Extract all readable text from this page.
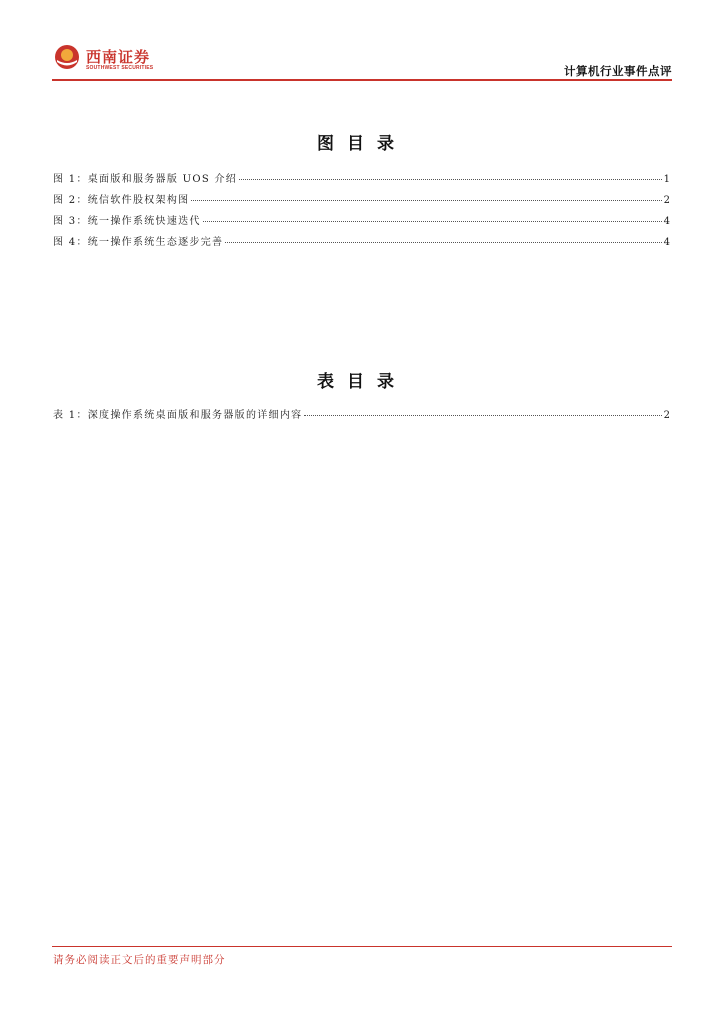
西南证券
SOUTHWEST SECURITIES	计算机行业事件点评
图目录
图 1：桌面版和服务器版 UOS 介绍	1
图 2：统信软件股权架构图	2
图 3：统一操作系统快速迭代	4
图 4：统一操作系统生态逐步完善	4
表目录
表 1：深度操作系统桌面版和服务器版的详细内容	2
请务必阅读正文后的重要声明部分
